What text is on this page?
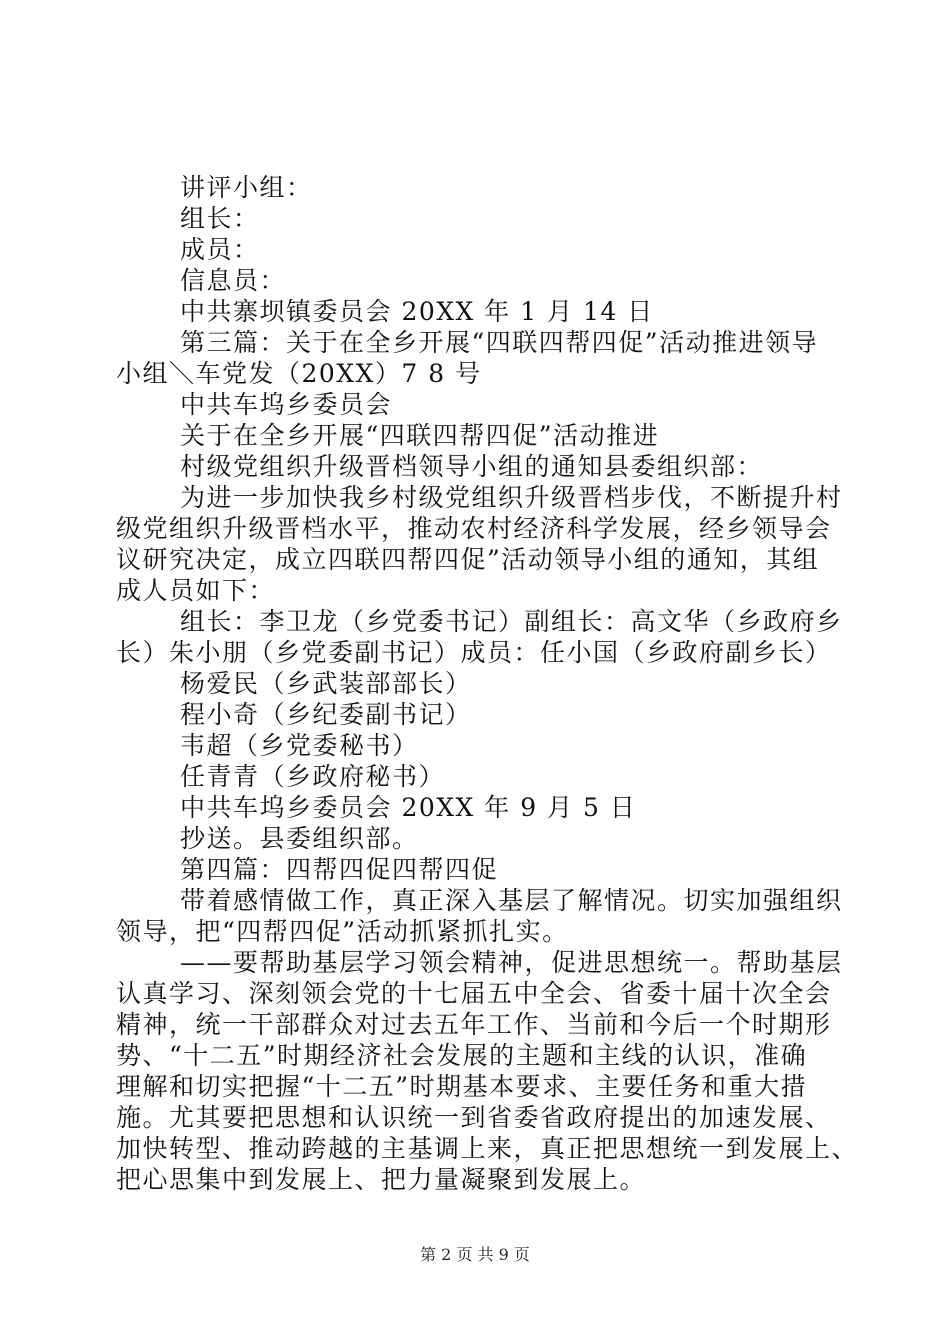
讲评小组：
组长：
成员：
信息员：
中共寨坝镇委员会 20XX 年 1 月 14 日
第三篇：关于在全乡开展“四联四帮四促”活动推进领导
小组＼车党发（20XX）7 8 号
中共车坞乡委员会
关于在全乡开展“四联四帮四促”活动推进
村级党组织升级晋档领导小组的通知县委组织部：
为进一步加快我乡村级党组织升级晋档步伐，不断提升村
级党组织升级晋档水平，推动农村经济科学发展，经乡领导会
议研究决定，成立四联四帮四促”活动领导小组的通知，其组
成人员如下：
组长：李卫龙（乡党委书记）副组长：高文华（乡政府乡
长）朱小朋（乡党委副书记）成员：任小国（乡政府副乡长）
杨爱民（乡武装部部长）
程小奇（乡纪委副书记）
韦超（乡党委秘书）
任青青（乡政府秘书）
中共车坞乡委员会 20XX 年 9 月 5 日
抄送。县委组织部。
第四篇：四帮四促四帮四促
带着感情做工作，真正深入基层了解情况。切实加强组织
领导，把“四帮四促”活动抓紧抓扎实。
——要帮助基层学习领会精神，促进思想统一。帮助基层
认真学习、深刻领会党的十七届五中全会、省委十届十次全会
精神，统一干部群众对过去五年工作、当前和今后一个时期形
势、“十二五”时期经济社会发展的主题和主线的认识，准确
理解和切实把握“十二五”时期基本要求、主要任务和重大措
施。尤其要把思想和认识统一到省委省政府提出的加速发展、
加快转型、推动跨越的主基调上来，真正把思想统一到发展上、
把心思集中到发展上、把力量凝聚到发展上。
第 2 页 共 9 页
